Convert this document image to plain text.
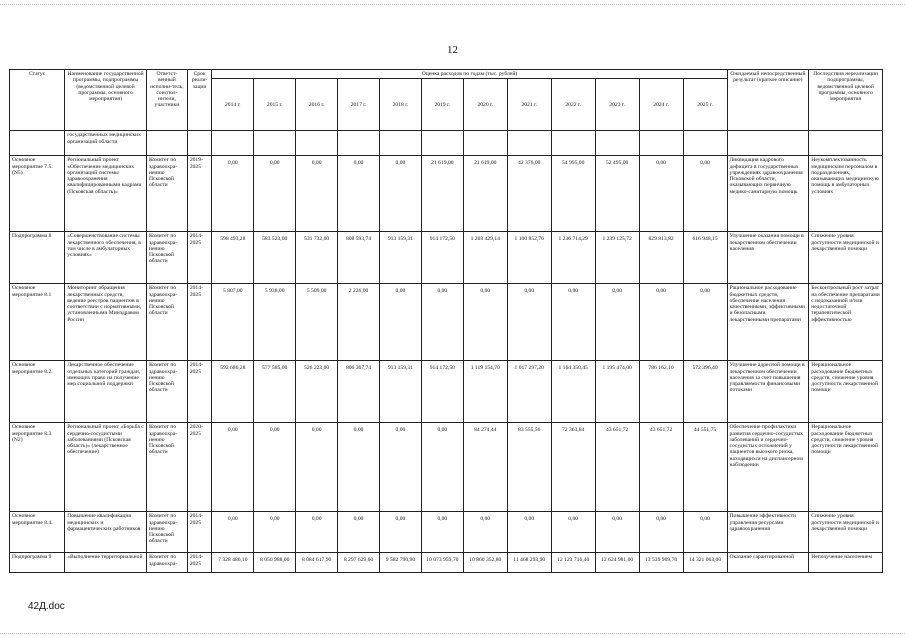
12
Статус	Наименование государственной программы, подпрограммы (ведомственной целевой программы, основного мероприятия)	Ответст-венный исполни-тель, соиспол-нители, участники	Срок реали-зации	Оценка расходов по годам (тыс. рублей)												Ожидаемый непосредственный результат (краткое описание)	Последствия нереализации подпрограммы, ведомственной целевой программы, основного мероприятия
				2014 г.	2015 г.	2016 г.	2017 г.	2018 г.	2019 г.	2020 г.	2021 г.	2022 г.	2023 г.	2024 г.	2025 г.		
	государственных медицинских организаций области																
Основное мероприятие 7.5. (N5)	Региональный проект «Обеспечение медицинских организаций системы здравоохранения квалифицированными кадрами (Псковская область)»	Комитет по здравоохра-нению Псковской области	2019-2025	0,00	0,00	0,00	0,00	0,00	21 619,00	21 619,00	42 376,00	54 995,00	52 495,00	0,00	0,00	Ликвидация кадрового дефицита в государственных учреждениях здравоохранения Псковской области, оказывающих первичную медико-санитарную помощь	Неукомплектованность медицинским персоналом в подразделениях, оказывающих медицинскую помощь в амбулаторных условиях
Подпрограмма 8	«Совершенствование системы лекарственного обеспечения, в том числе в амбулаторных условиях»	Комитет по здравоохра-нению Псковской области	2014-2025	598 493,28	583 523,00	531 732,00	808 593,74	913 159,31	914 172,50	1 203 429,14	1 100 852,76	1 236 714,29	1 239 125,72	829 813,82	616 948,15	Улучшение оказания помощи в лекарственном обеспечении населения	Снижение уровня доступности медицинской и лекарственной помощи
Основное мероприятие 8.1	Мониторинг обращения лекарственных средств, ведение реестров пациентов в соответствии с нормативными, установленными Минздравом России	Комитет по здравоохра-нению Псковской области	2014-2025	5 807,00	5 938,00	5 509,00	2 226,00	0,00	0,00	0,00	0,00	0,00	0,00	0,00	0,00	Рациональное расходование бюджетных средств, обеспечение населения качественными, эффективными и безопасными лекарственными препаратами	Бесконтрольный рост затрат на обеспечение препаратами с недоказанной и/или недостаточной терапевтической эффективностью
Основное мероприятие 8.2.	Лекарственное обеспечение отдельных категорий граждан, имеющих право на получение мер социальной поддержки	Комитет по здравоохра-нению Псковской области	2014-2025	592 686,28	577 585,00	526 223,00	806 367,74	913 159,31	914 172,50	1 119 154,70	1 017 297,20	1 164 350,45	1 195 474,00	786 162,10	572 396,40	Улучшение адресной помощи в лекарственном обеспечении населения за счет повышения управляемости финансовыми потоками	Нерациональное расходование бюджетных средств, снижение уровня доступности лекарственной помощи
Основное мероприятие 8.3.(N2)	Региональный проект «Борьба с сердечно-сосудистыми заболеваниями (Псковская область)» (лекарственное обеспечение)	Комитет по здравоохра-нению Псковской области	2020-2025	0,00	0,00	0,00	0,00	0,00	0,00	84 274,44	83 555,56	72 363,84	43 651,72	43 651,72	44 551,75	Обеспечение профилактики развития сердечно-сосудистых заболеваний и сердечно-сосудистых осложнений у пациентов высокого риска, находящихся на диспансерном наблюдении	Нерациональное расходование бюджетных средств, снижение уровня доступности лекарственной помощи
Основное мероприятие 8.4.	Повышение квалификации медицинских и фармацевтических работников	Комитет по здравоохра-нению Псковской области	2014-2025	0,00	0,00	0,00	0,00	0,00	0,00	0,00	0,00	0,00	0,00	0,00	0,00	Повышение эффективности управления ресурсами здравоохранения	Снижение уровня доступности медицинской и лекарственной помощи
Подпрограмма 9	«Выполнение территориальной	Комитет по здравоохра-	2014-2025	7 328 486,10	8 050 988,00	8 084 617,90	8 297 629,60	9 582 790,90	10 073 959,70	10 860 352,80	11 468 293,90	12 123 716,40	12 624 981,00	13 539 909,70	14 321 063,00	Оказание гарантированной	Неполучение населением
42Д.doc
